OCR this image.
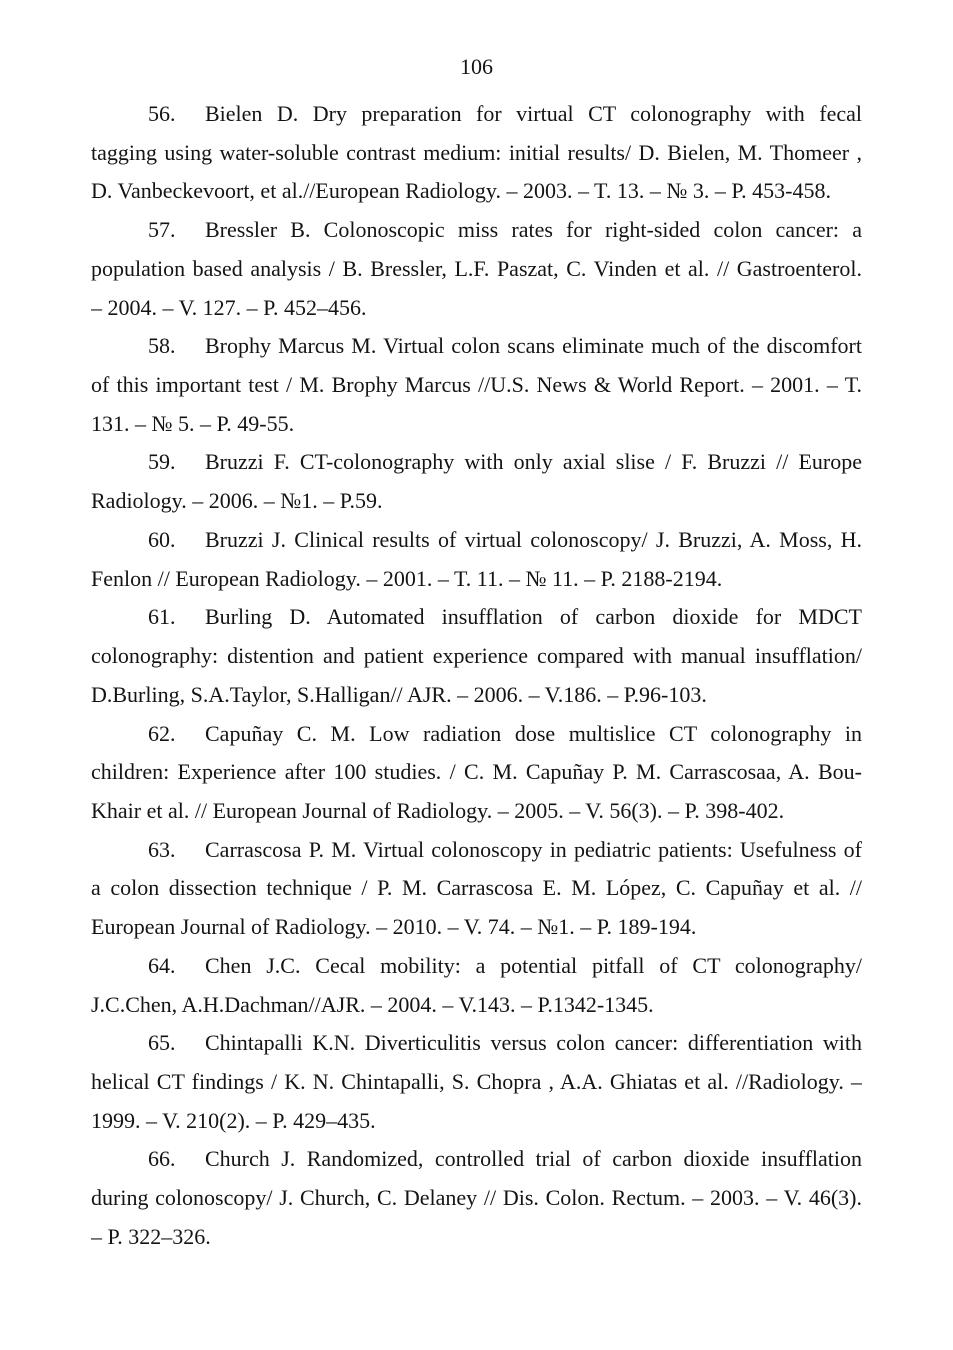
106
56.	Bielen D. Dry preparation for virtual CT colonography with fecal
tagging using water-soluble contrast medium: initial results/ D. Bielen, M. Thomeer ,
D. Vanbeckevoort, et al.//European Radiology. – 2003. – T. 13. – № 3. – P. 453-458.
57.	Bressler B. Colonoscopic miss rates for right-sided colon cancer: a
population based analysis / B. Bressler, L.F. Paszat, C. Vinden et al. // Gastroenterol.
– 2004. – V. 127. – P. 452–456.
58.	Brophy Marcus M. Virtual colon scans eliminate much of the discomfort
of this important test / M. Brophy Marcus //U.S. News & World Report. – 2001. – T.
131. – № 5. – P. 49-55.
59.	Bruzzi F. CT-colonography with only axial slise / F. Bruzzi // Europe
Radiology. – 2006. – №1. – P.59.
60.	Bruzzi J. Clinical results of virtual colonoscopy/ J. Bruzzi, A. Moss, H.
Fenlon // European Radiology. – 2001. – T. 11. – № 11. – P. 2188-2194.
61.	Burling D. Automated insufflation of carbon dioxide for MDCT
colonography: distention and patient experience compared with manual insufflation/
D.Burling, S.A.Taylor, S.Halligan// AJR. – 2006. – V.186. – P.96-103.
62.	Capuñay C. M. Low radiation dose multislice CT colonography in
children: Experience after 100 studies. / C. M. Capuñay P. M. Carrascosaa, A. Bou-
Khair et al. // European Journal of Radiology. – 2005. – V. 56(3). – P. 398-402.
63.	Carrascosa P. M. Virtual colonoscopy in pediatric patients: Usefulness of
a colon dissection technique / P. M. Carrascosa E. M. López, C. Capuñay et al. //
European Journal of Radiology. – 2010. – V. 74. – №1. – P. 189-194.
64.	Chen J.C. Cecal mobility: a potential pitfall of CT colonography/
J.C.Chen, A.H.Dachman//AJR. – 2004. – V.143. – P.1342-1345.
65.	Chintapalli K.N. Diverticulitis versus colon cancer: differentiation with
helical CT findings / K. N. Chintapalli, S. Chopra , A.A. Ghiatas et al. //Radiology. –
1999. – V. 210(2). – P. 429–435.
66.	Church J. Randomized, controlled trial of carbon dioxide insufflation
during colonoscopy/ J. Church, C. Delaney // Dis. Colon. Rectum. – 2003. – V. 46(3).
– P. 322–326.
